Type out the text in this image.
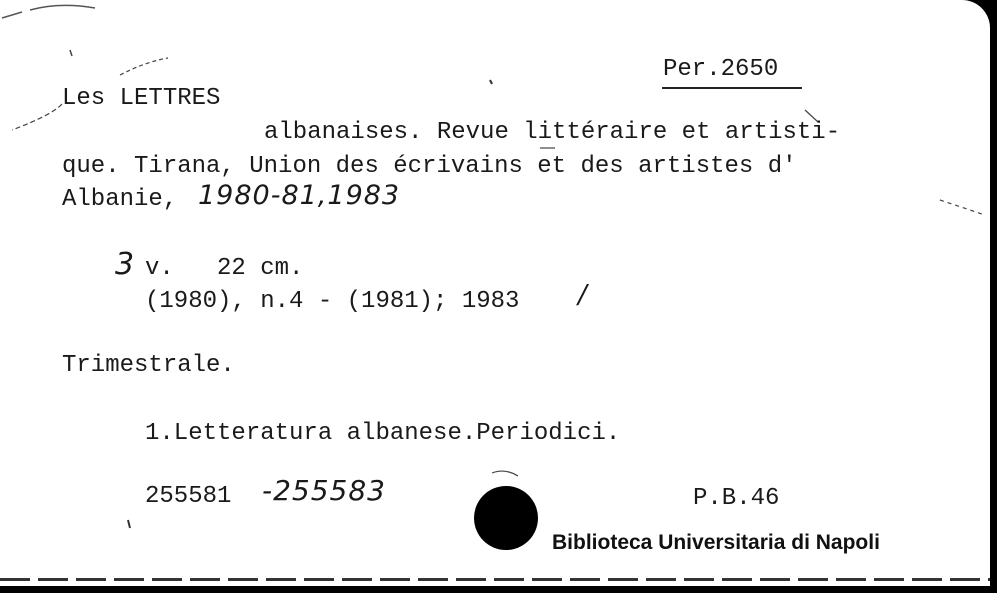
Per.2650
Les LETTRES
albanaises. Revue littéraire et artisti-
que. Tirana, Union des écrivains et des artistes d'
Albanie, 1980-81,1983
3 v.   22 cm.
(1980), n.4 - (1981); 1983 /
Trimestrale.
1.Letteratura albanese.Periodici.
255581 -255583	P.B.46
Biblioteca Universitaria di Napoli
